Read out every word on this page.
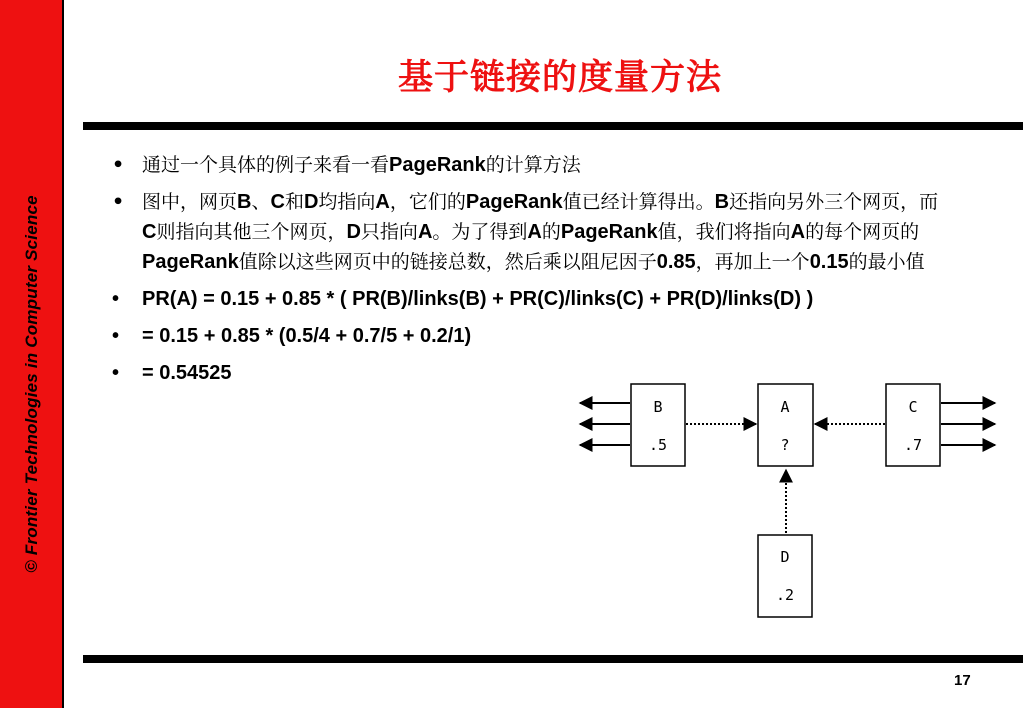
© Frontier Technologies in Computer Science
基于链接的度量方法
• 通过一个具体的例子来看一看PageRank的计算方法
• 图中，网页B、C和D均指向A，它们的PageRank值已经计算得出。B还指向另外三个网页，而C则指向其他三个网页，D只指向A。为了得到A的PageRank值，我们将指向A的每个网页的PageRank值除以这些网页中的链接总数，然后乘以阻尼因子0.85，再加上一个0.15的最小值
• PR(A) = 0.15 + 0.85 * ( PR(B)/links(B) + PR(C)/links(C) + PR(D)/links(D) )
• = 0.15 + 0.85 * (0.5/4 + 0.7/5 + 0.2/1)
• = 0.54525
B
.5
A
?
C
.7
D
.2
17
